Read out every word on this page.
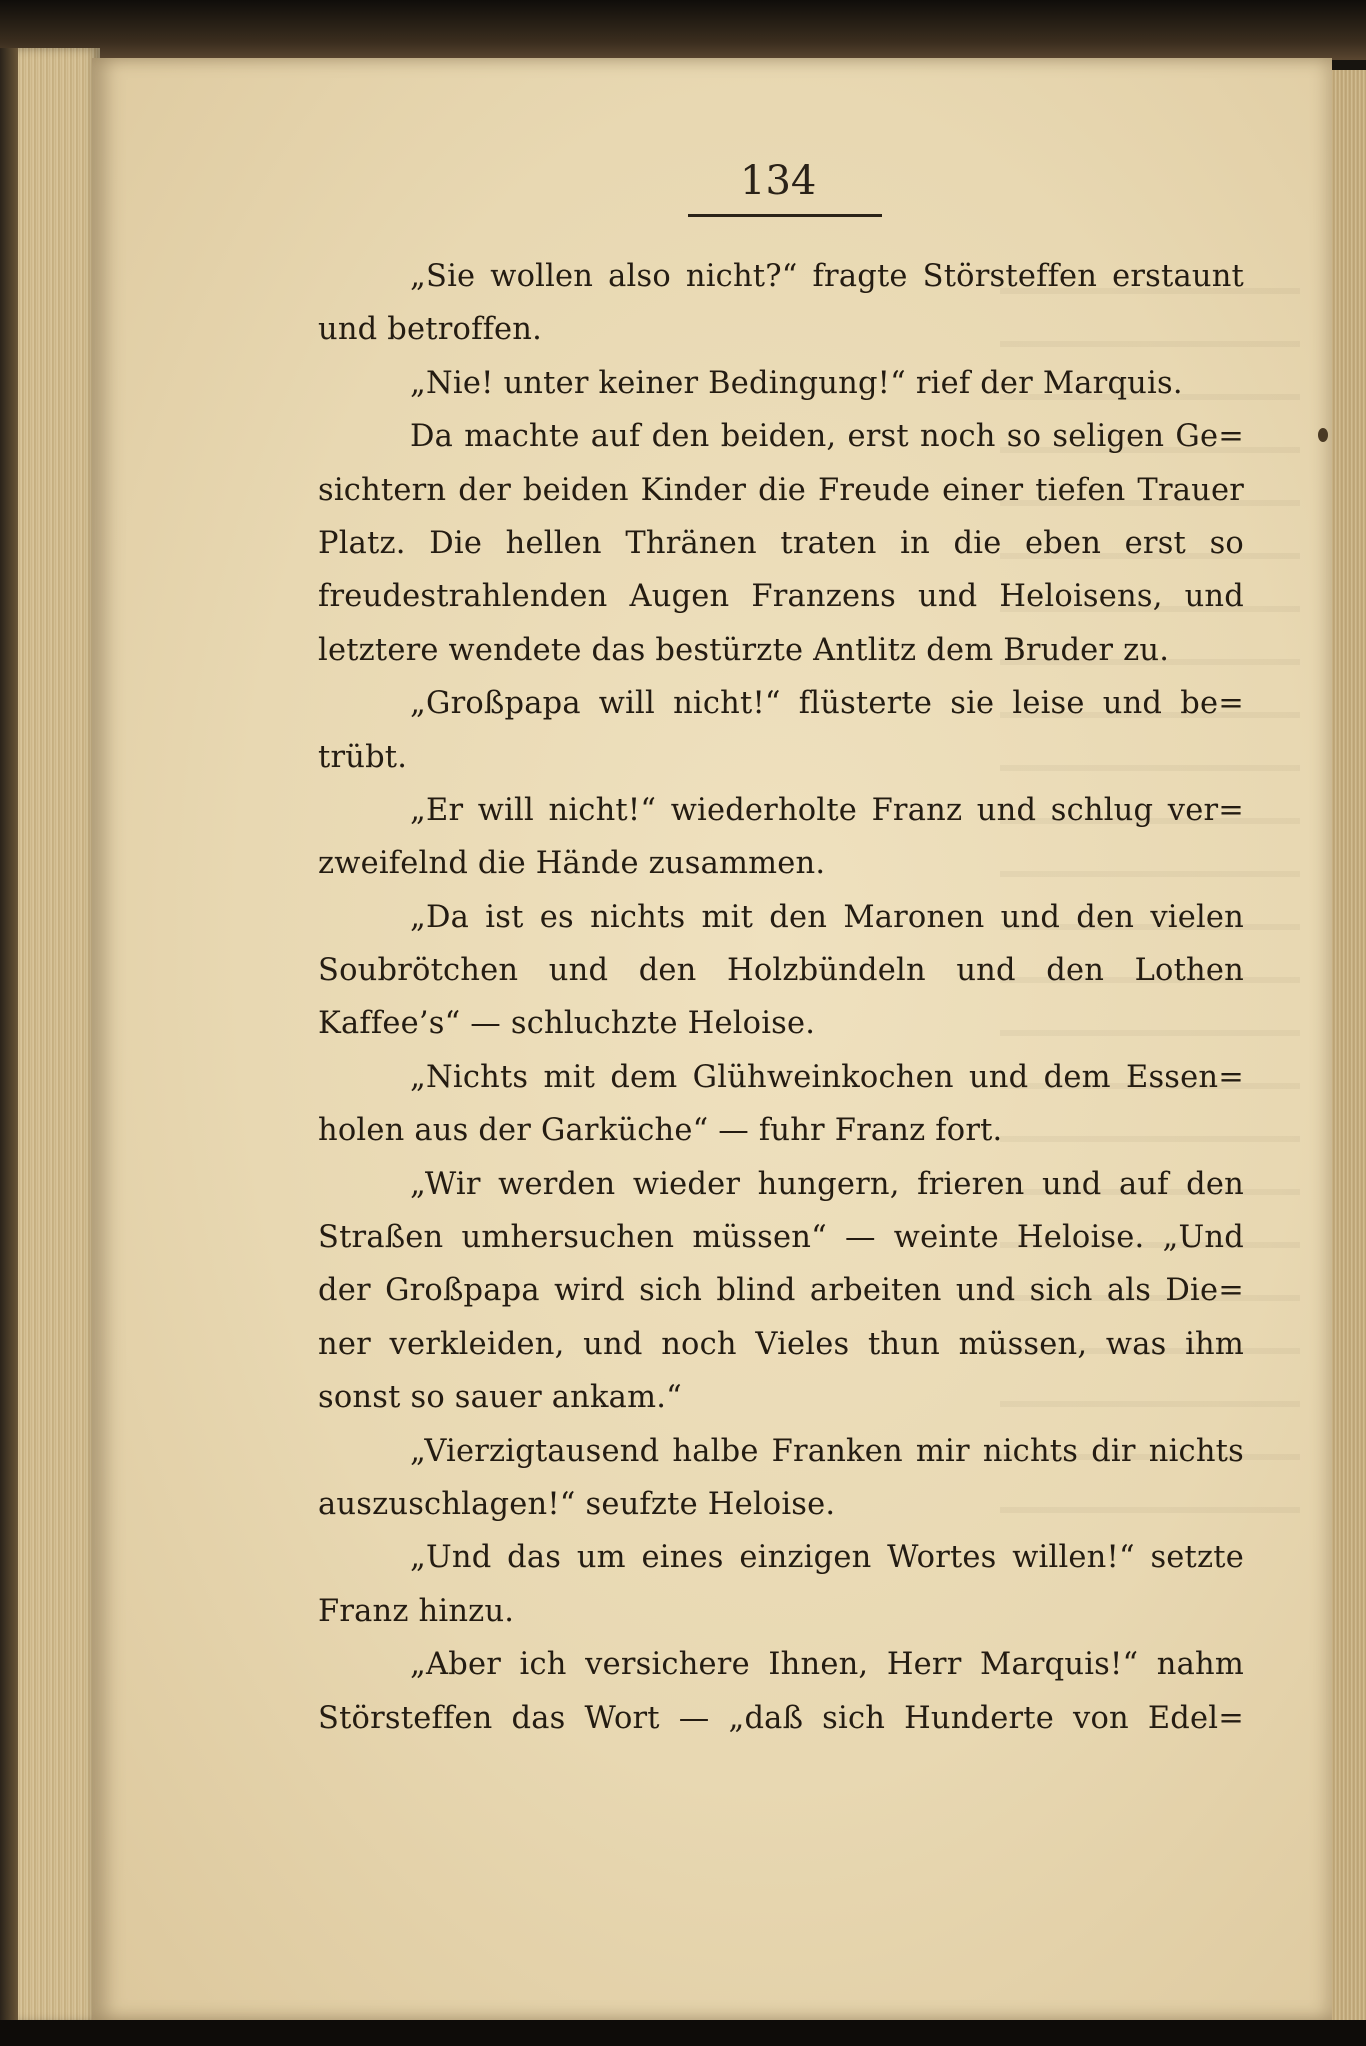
134
„Sie wollen also nicht?“ fragte Störsteffen erstaunt
und betroffen.
„Nie! unter keiner Bedingung!“ rief der Marquis.
Da machte auf den beiden, erst noch so seligen Ge=
sichtern der beiden Kinder die Freude einer tiefen Trauer
Platz. Die hellen Thränen traten in die eben erst so
freudestrahlenden Augen Franzens und Heloisens, und
letztere wendete das bestürzte Antlitz dem Bruder zu.
„Großpapa will nicht!“ flüsterte sie leise und be=
trübt.
„Er will nicht!“ wiederholte Franz und schlug ver=
zweifelnd die Hände zusammen.
„Da ist es nichts mit den Maronen und den vielen
Soubrötchen und den Holzbündeln und den Lothen
Kaffee’s“ — schluchzte Heloise.
„Nichts mit dem Glühweinkochen und dem Essen=
holen aus der Garküche“ — fuhr Franz fort.
„Wir werden wieder hungern, frieren und auf den
Straßen umhersuchen müssen“ — weinte Heloise. „Und
der Großpapa wird sich blind arbeiten und sich als Die=
ner verkleiden, und noch Vieles thun müssen, was ihm
sonst so sauer ankam.“
„Vierzigtausend halbe Franken mir nichts dir nichts
auszuschlagen!“ seufzte Heloise.
„Und das um eines einzigen Wortes willen!“ setzte
Franz hinzu.
„Aber ich versichere Ihnen, Herr Marquis!“ nahm
Störsteffen das Wort — „daß sich Hunderte von Edel=
